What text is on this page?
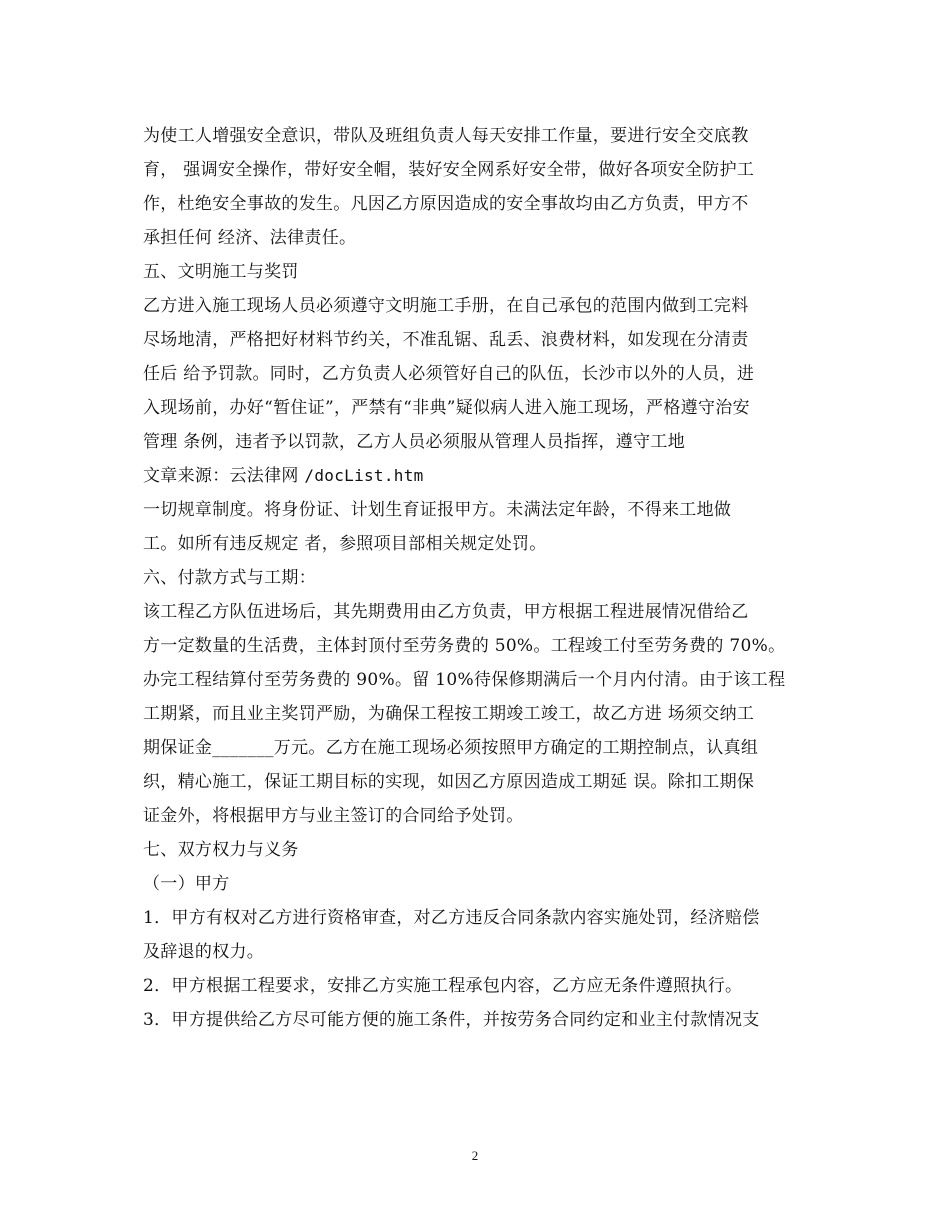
为使工人增强安全意识，带队及班组负责人每天安排工作量，要进行安全交底教
育， 强调安全操作，带好安全帽，装好安全网系好安全带，做好各项安全防护工
作，杜绝安全事故的发生。凡因乙方原因造成的安全事故均由乙方负责，甲方不
承担任何 经济、法律责任。
五、文明施工与奖罚
乙方进入施工现场人员必须遵守文明施工手册，在自己承包的范围内做到工完料
尽场地清，严格把好材料节约关，不准乱锯、乱丢、浪费材料，如发现在分清责
任后 给予罚款。同时，乙方负责人必须管好自己的队伍，长沙市以外的人员，进
入现场前，办好“暂住证”，严禁有“非典”疑似病人进入施工现场，严格遵守治安
管理 条例，违者予以罚款，乙方人员必须服从管理人员指挥，遵守工地
文章来源：云法律网 /docList.htm
一切规章制度。将身份证、计划生育证报甲方。未满法定年龄，不得来工地做
工。如所有违反规定 者，参照项目部相关规定处罚。
六、付款方式与工期：
该工程乙方队伍进场后，其先期费用由乙方负责，甲方根据工程进展情况借给乙
方一定数量的生活费，主体封顶付至劳务费的 50%。工程竣工付至劳务费的 70%。
办完工程结算付至劳务费的 90%。留 10%待保修期满后一个月内付清。由于该工程
工期紧，而且业主奖罚严励，为确保工程按工期竣工竣工，故乙方进 场须交纳工
期保证金_______万元。乙方在施工现场必须按照甲方确定的工期控制点，认真组
织，精心施工，保证工期目标的实现，如因乙方原因造成工期延 误。除扣工期保
证金外，将根据甲方与业主签订的合同给予处罚。
七、双方权力与义务
（一）甲方
1．甲方有权对乙方进行资格审查，对乙方违反合同条款内容实施处罚，经济赔偿
及辞退的权力。
2．甲方根据工程要求，安排乙方实施工程承包内容，乙方应无条件遵照执行。
3．甲方提供给乙方尽可能方便的施工条件，并按劳务合同约定和业主付款情况支
2
